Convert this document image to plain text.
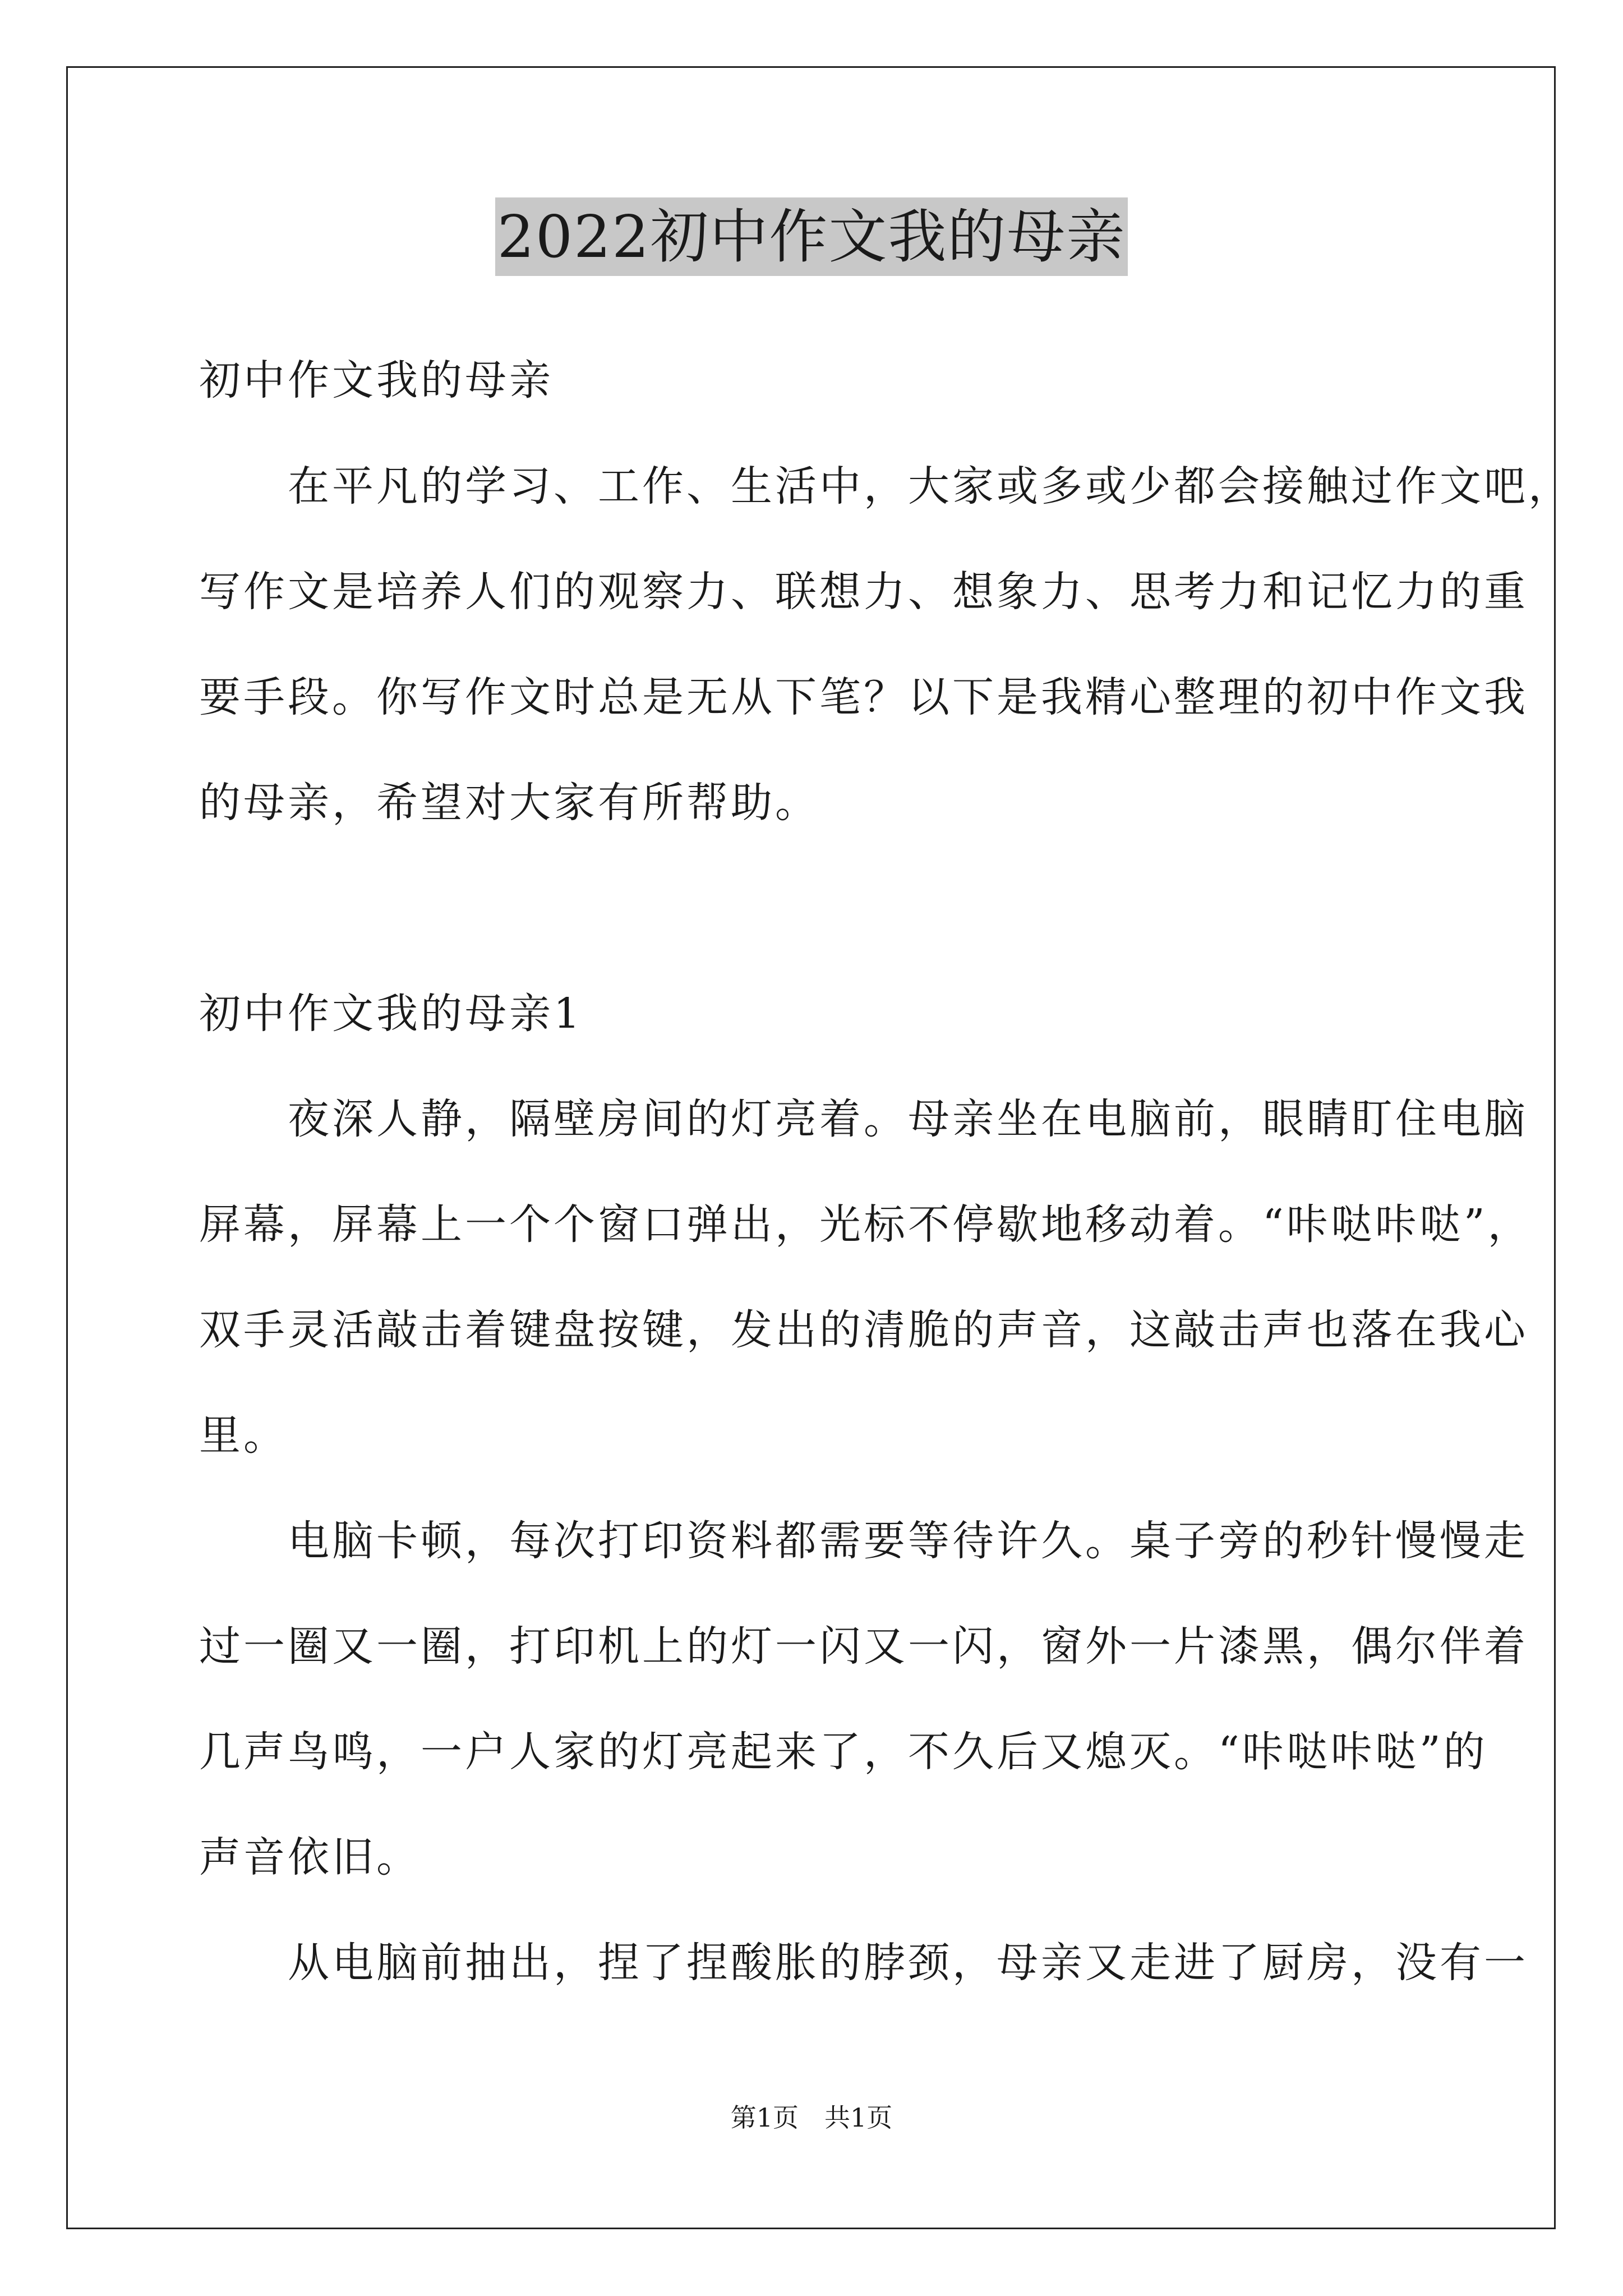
2022初中作文我的母亲
初中作文我的母亲
　　在平凡的学习、工作、生活中，大家或多或少都会接触过作文吧，
写作文是培养人们的观察力、联想力、想象力、思考力和记忆力的重
要手段。你写作文时总是无从下笔？以下是我精心整理的初中作文我
的母亲，希望对大家有所帮助。
初中作文我的母亲1
　　夜深人静，隔壁房间的灯亮着。母亲坐在电脑前，眼睛盯住电脑
屏幕，屏幕上一个个窗口弹出，光标不停歇地移动着。“咔哒咔哒”，
双手灵活敲击着键盘按键，发出的清脆的声音，这敲击声也落在我心
里。
　　电脑卡顿，每次打印资料都需要等待许久。桌子旁的秒针慢慢走
过一圈又一圈，打印机上的灯一闪又一闪，窗外一片漆黑，偶尔伴着
几声鸟鸣，一户人家的灯亮起来了，不久后又熄灭。“咔哒咔哒”的
声音依旧。
　　从电脑前抽出，捏了捏酸胀的脖颈，母亲又走进了厨房，没有一
第1页　共1页
